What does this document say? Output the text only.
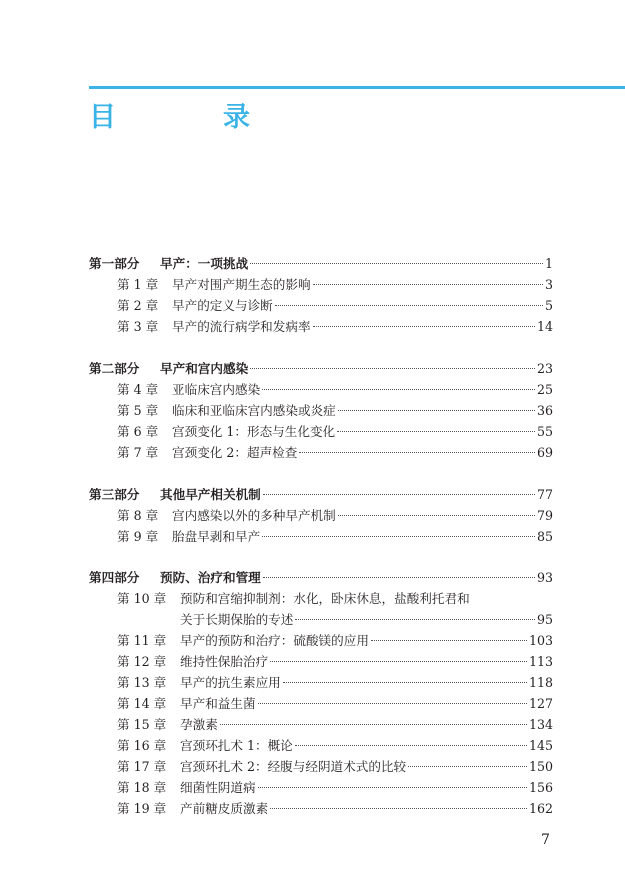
目　录
第一部分	早产：一项挑战	1
第 1 章	早产对围产期生态的影响	3
第 2 章	早产的定义与诊断	5
第 3 章	早产的流行病学和发病率	14
第二部分	早产和宫内感染	23
第 4 章	亚临床宫内感染	25
第 5 章	临床和亚临床宫内感染或炎症	36
第 6 章	宫颈变化 1：形态与生化变化	55
第 7 章	宫颈变化 2：超声检查	69
第三部分	其他早产相关机制	77
第 8 章	宫内感染以外的多种早产机制	79
第 9 章	胎盘早剥和早产	85
第四部分	预防、治疗和管理	93
第 10 章 预防和宫缩抑制剂：水化，卧床休息，盐酸利托君和
关于长期保胎的专述	95
第 11 章	早产的预防和治疗：硫酸镁的应用	103
第 12 章	维持性保胎治疗	113
第 13 章	早产的抗生素应用	118
第 14 章	早产和益生菌	127
第 15 章	孕激素	134
第 16 章	宫颈环扎术 1：概论	145
第 17 章	宫颈环扎术 2：经腹与经阴道术式的比较	150
第 18 章	细菌性阴道病	156
第 19 章	产前糖皮质激素	162
7
